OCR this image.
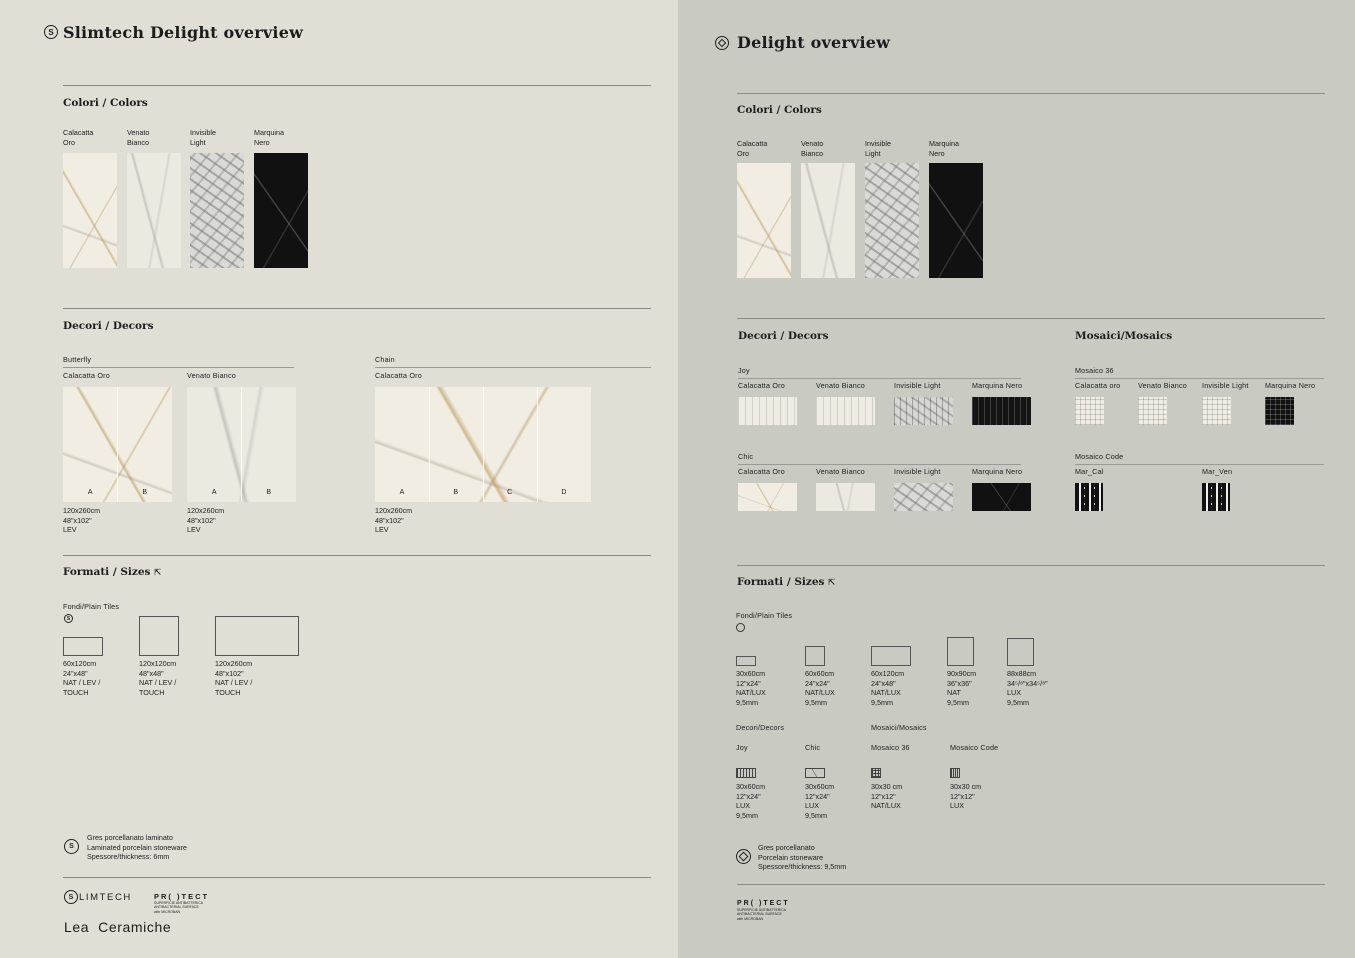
S Slimtech Delight overview
Colori / Colors
Calacatta
Oro
Venato
Bianco
Invisible
Light
Marquina
Nero
Decori / Decors
Butterfly
Calacatta Oro
A	B
120x260cm
48"x102"
LEV
Venato Bianco
A	B
120x260cm
48"x102"
LEV
Chain
Calacatta Oro
A	B	C	D
120x260cm
48"x102"
LEV
Formati / Sizes ⇱
Fondi/Plain Tiles
S
60x120cm
24"x48"
NAT / LEV /
TOUCH
120x120cm
48"x48"
NAT / LEV /
TOUCH
120x260cm
48"x102"
NAT / LEV /
TOUCH
S
Gres porcellanato laminato
Laminated porcelain stoneware
Spessore/thickness: 6mm
S LIMTECH	PR( )TECT
SUPERFICIE ANTIBATTERICA
ANTIBACTERIAL SURFACE
with MICROBAN
Lea  Ceramiche
Delight overview
Colori / Colors
Calacatta
Oro
Venato
Bianco
Invisible
Light
Marquina
Nero
Decori / Decors	Mosaici/Mosaics
Joy
Calacatta Oro	Venato Bianco	Invisible Light	Marquina Nero
Chic
Calacatta Oro	Venato Bianco	Invisible Light	Marquina Nero
Mosaico 36
Calacatta oro Venato Bianco Invisible Light Marquina Nero
Mosaico Code
Mar_Cal	Mar_Ven
Formati / Sizes ⇱
Fondi/Plain Tiles
30x60cm
12"x24"
NAT/LUX
9,5mm
60x60cm
24"x24"
NAT/LUX
9,5mm
60x120cm
24"x48"
NAT/LUX
9,5mm
90x90cm
36"x36"
NAT
9,5mm
88x88cm
34⁵/⁸"x34⁵/⁸"
LUX
9,5mm
Decori/Decors	Mosaici/Mosaics
Joy
30x60cm
12"x24"
LUX
9,5mm
Chic
30x60cm
12"x24"
LUX
9,5mm
Mosaico 36
30x30 cm
12"x12"
NAT/LUX
Mosaico Code
30x30 cm
12"x12"
LUX
Gres porcellanato
Porcelain stoneware
Spessore/thickness: 9,5mm
PR( )TECT
SUPERFICIE ANTIBATTERICA
ANTIBACTERIAL SURFACE
with MICROBAN
